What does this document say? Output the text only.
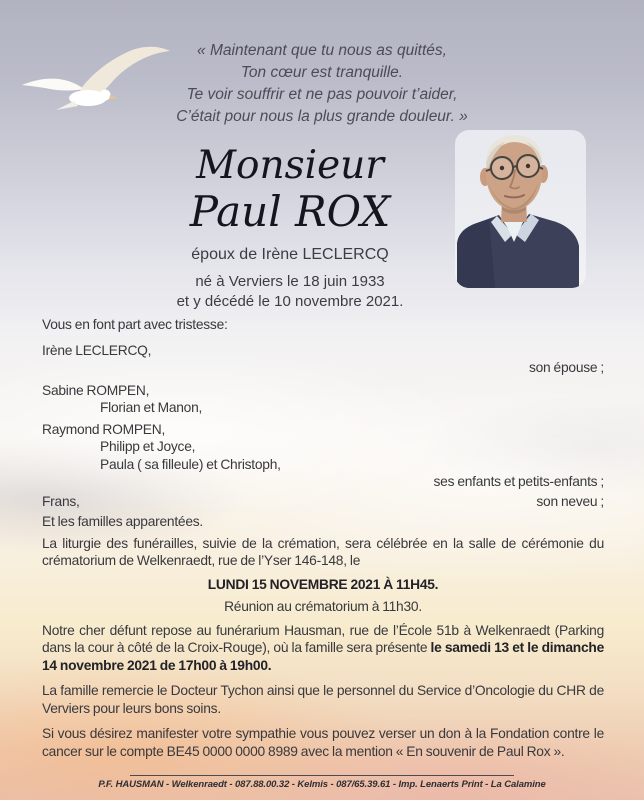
« Maintenant que tu nous as quittés,
Ton cœur est tranquille.
Te voir souffrir et ne pas pouvoir t’aider,
C’était pour nous la plus grande douleur. »
Monsieur
Paul ROX
époux de Irène LECLERCQ
né à Verviers le 18 juin 1933
et y décédé le 10 novembre 2021.
Vous en font part avec tristesse:
Irène LECLERCQ,
son épouse ;
Sabine ROMPEN,
Florian et Manon,
Raymond ROMPEN,
Philipp et Joyce,
Paula ( sa filleule) et Christoph,
ses enfants et petits-enfants ;
Frans,	son neveu ;
Et les familles apparentées.

La liturgie des funérailles, suivie de la crémation, sera célébrée en la salle de cérémonie du crématorium de Welkenraedt, rue de l’Yser 146-148, le

LUNDI 15 NOVEMBRE 2021 À 11H45.
Réunion au crématorium à 11h30.

Notre cher défunt repose au funérarium Hausman, rue de l’École 51b à Welkenraedt (Parking dans la cour à côté de la Croix-Rouge), où la famille sera présente le samedi 13 et le dimanche 14 novembre 2021 de 17h00 à 19h00.

La famille remercie le Docteur Tychon ainsi que le personnel du Service d’Oncologie du CHR de Verviers pour leurs bons soins.

Si vous désirez manifester votre sympathie vous pouvez verser un don à la Fondation contre le cancer sur le compte BE45 0000 0000 8989 avec la mention « En souvenir de Paul Rox ».

P.F. HAUSMAN - Welkenraedt - 087.88.00.32 - Kelmis - 087/65.39.61 - Imp. Lenaerts Print - La Calamine
